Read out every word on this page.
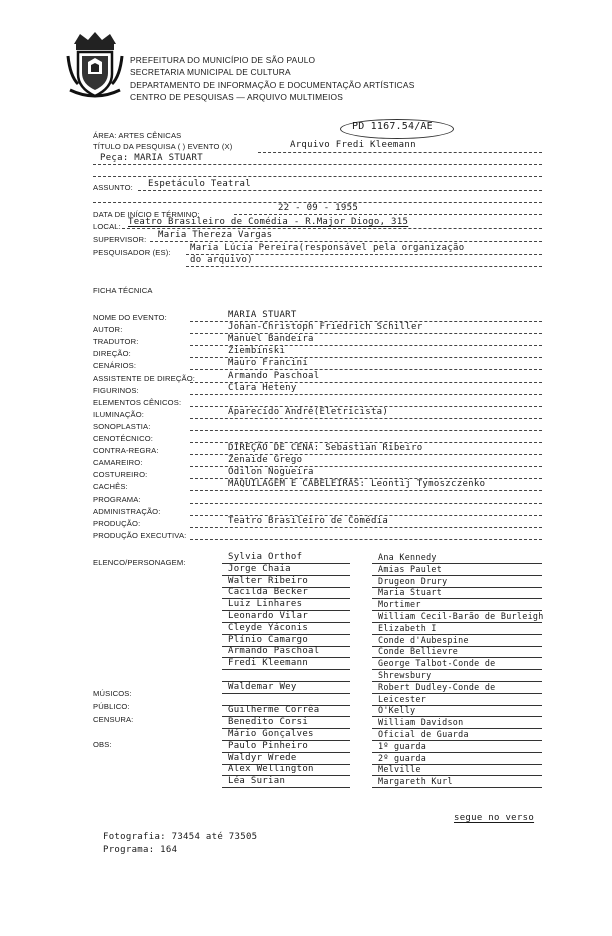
PREFEITURA DO MUNICÍPIO DE SÃO PAULO
SECRETARIA MUNICIPAL DE CULTURA
DEPARTAMENTO DE INFORMAÇÃO E DOCUMENTAÇÃO ARTÍSTICAS
CENTRO DE PESQUISAS — ARQUIVO MULTIMEIOS
PD 1167.54/AE
ÁREA: ARTES CÊNICAS
TÍTULO DA PESQUISA ( ) EVENTO (X)	Arquivo Fredi Kleemann
Peça: MARIA STUART
ASSUNTO: Espetáculo Teatral
DATA DE INÍCIO E TÉRMINO:
22 - 09 - 1955
LOCAL: Teatro Brasileiro de Comédia - R.Major Diogo, 315
SUPERVISOR: Maria Thereza Vargas
PESQUISADOR (ES): Maria Lúcia Pereira(responsável pela organização
do arquivo)
FICHA TÉCNICA
NOME DO EVENTO:	MARIA STUART
AUTOR:	Johan-Christoph Friedrich Schiller
TRADUTOR:	Manuel Bandeira
DIREÇÃO:	Ziembinski
CENÁRIOS:	Mauro Francini
ASSISTENTE DE DIREÇÃO:	Armando Paschoal
FIGURINOS:	Clara Heteny
ELEMENTOS CÊNICOS:
ILUMINAÇÃO:	Aparecido André(Eletricista)
SONOPLASTIA:
CENOTÉCNICO:
CONTRA-REGRA:	DIREÇÃO DE CENA: Sebastian Ribeiro
CAMAREIRO:	Zenaide Grego
COSTUREIRO:	Odilon Nogueira
CACHÊS:	MAQUILAGEM E CABELEIRAS: Leontij Tymoszczenko
PROGRAMA:
ADMINISTRAÇÃO:
PRODUÇÃO:	Teatro Brasileiro de Comédia
PRODUÇÃO EXECUTIVA:
ELENCO/PERSONAGEM:
Sylvia Orthof	Ana Kennedy
Jorge Chaia	Amias Paulet
Walter Ribeiro	Drugeon Drury
Cacilda Becker	Maria Stuart
Luiz Linhares	Mortimer
Leonardo Vilar	William Cecil-Barão de Burleigh
Cleyde Yáconis	Elizabeth I
Plínio Camargo	Conde d'Aubespine
Armando Paschoal	Conde Bellievre
Fredi Kleemann	George Talbot-Conde de
Shrewsbury
Waldemar Wey	Robert Dudley-Conde de
Leicester
Guilherme Corrêa	O'Kelly
Benedito Corsi	William Davidson
Mário Gonçalves	Oficial de Guarda
Paulo Pinheiro	1º guarda
Waldyr Wrede	2º guarda
Alex Wellington	Melville
Léa Surian	Margareth Kurl
MÚSICOS:
PÚBLICO:
CENSURA:
OBS:
segue no verso
Fotografia: 73454 até 73505
Programa: 164
